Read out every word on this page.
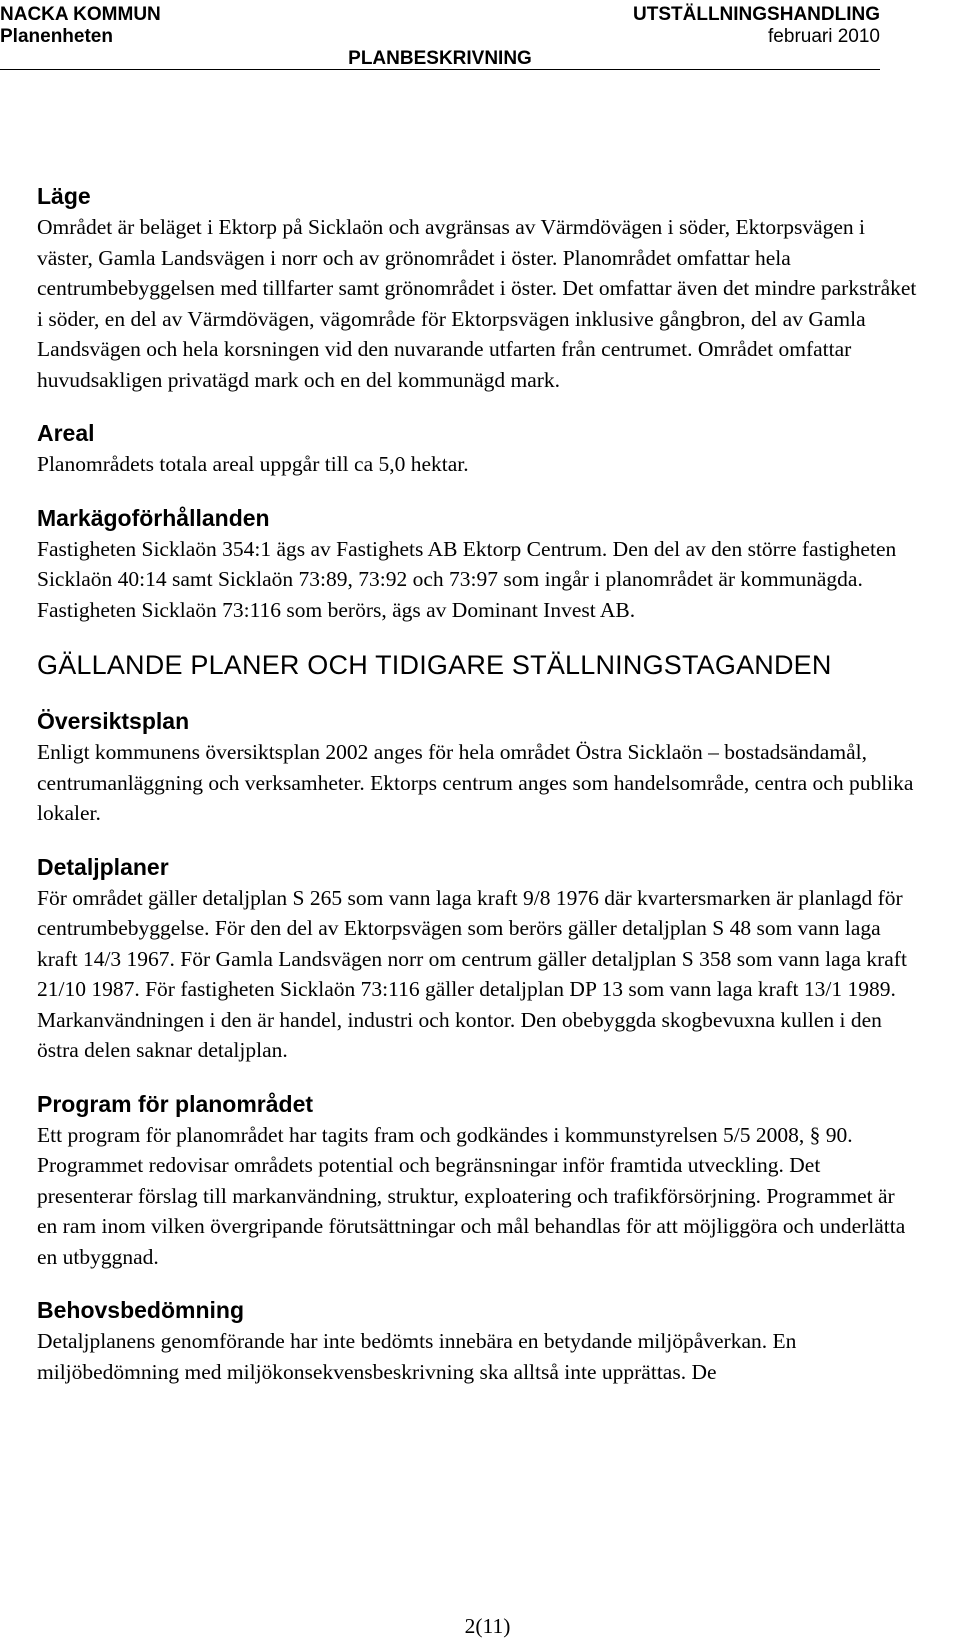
NACKA KOMMUN	UTSTÄLLNINGSHANDLING
Planenheten	februari 2010
PLANBESKRIVNING
Läge

Området är beläget i Ektorp på Sicklaön och avgränsas av Värmdövägen i söder, Ektorpsvägen i väster, Gamla Landsvägen i norr och av grönområdet i öster. Planområdet omfattar hela centrumbebyggelsen med tillfarter samt grönområdet i öster. Det omfattar även det mindre parkstråket i söder, en del av Värmdövägen, vägområde för Ektorpsvägen inklusive gångbron, del av Gamla Landsvägen och hela korsningen vid den nuvarande utfarten från centrumet. Området omfattar huvudsakligen privatägd mark och en del kommunägd mark.

Areal

Planområdets totala areal uppgår till ca 5,0 hektar.

Markägoförhållanden

Fastigheten Sicklaön 354:1 ägs av Fastighets AB Ektorp Centrum. Den del av den större fastigheten Sicklaön 40:14 samt Sicklaön 73:89, 73:92 och 73:97 som ingår i planområdet är kommunägda. Fastigheten Sicklaön 73:116 som berörs, ägs av Dominant Invest AB.

GÄLLANDE PLANER OCH TIDIGARE STÄLLNINGSTAGANDEN
Översiktsplan

Enligt kommunens översiktsplan 2002 anges för hela området Östra Sicklaön – bostadsändamål, centrumanläggning och verksamheter. Ektorps centrum anges som handelsområde, centra och publika lokaler.

Detaljplaner

För området gäller detaljplan S 265 som vann laga kraft 9/8 1976 där kvartersmarken är planlagd för centrumbebyggelse. För den del av Ektorpsvägen som berörs gäller detaljplan S 48 som vann laga kraft 14/3 1967. För Gamla Landsvägen norr om centrum gäller detaljplan S 358 som vann laga kraft 21/10 1987. För fastigheten Sicklaön 73:116 gäller detaljplan DP 13 som vann laga kraft 13/1 1989. Markanvändningen i den är handel, industri och kontor. Den obebyggda skogbevuxna kullen i den östra delen saknar detaljplan.

Program för planområdet

Ett program för planområdet har tagits fram och godkändes i kommunstyrelsen 5/5 2008, § 90. Programmet redovisar områdets potential och begränsningar inför framtida utveckling. Det presenterar förslag till markanvändning, struktur, exploatering och trafikförsörjning. Programmet är en ram inom vilken övergripande förutsättningar och mål behandlas för att möjliggöra och underlätta en utbyggnad.

Behovsbedömning

Detaljplanens genomförande har inte bedömts innebära en betydande miljöpåverkan. En miljöbedömning med miljökonsekvensbeskrivning ska alltså inte upprättas. De

2(11)
